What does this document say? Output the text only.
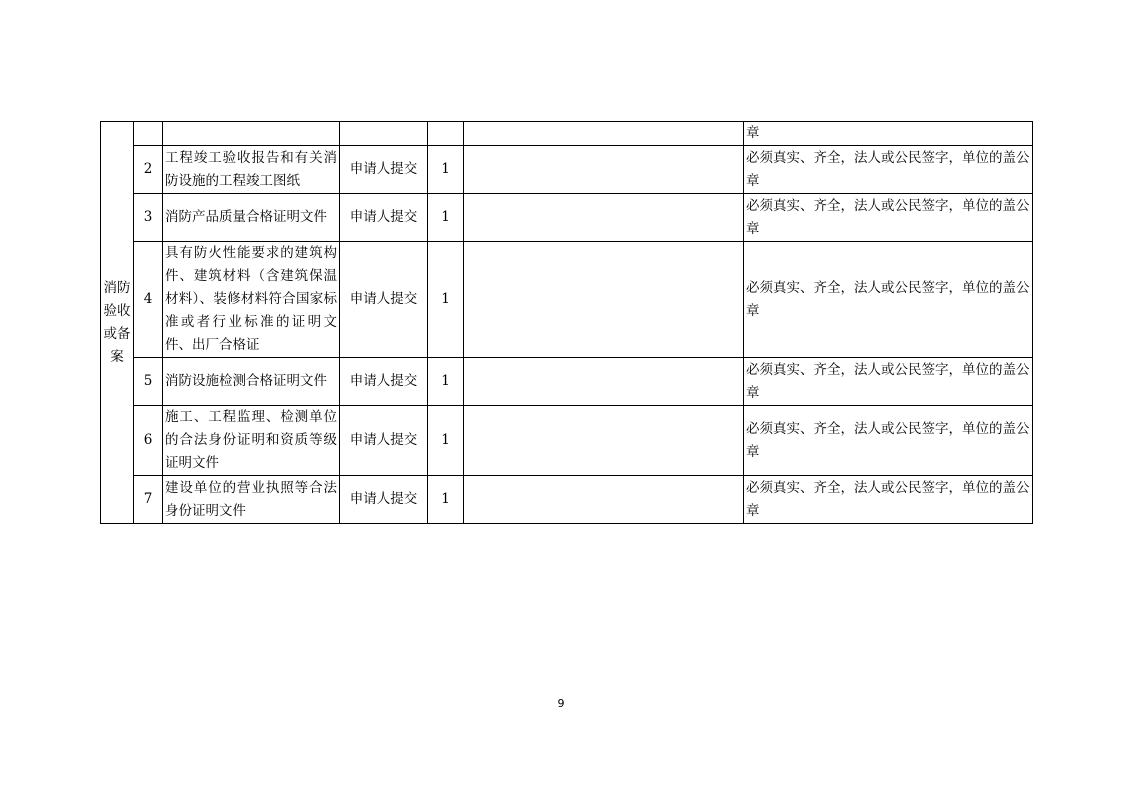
消防验收或备案						章
	2	工程竣工验收报告和有关消防设施的工程竣工图纸	申请人提交	1		必须真实、齐全，法人或公民签字，单位的盖公章
	3	消防产品质量合格证明文件	申请人提交	1		必须真实、齐全，法人或公民签字，单位的盖公章
	4	具有防火性能要求的建筑构件、建筑材料（含建筑保温材料）、装修材料符合国家标准或者行业标准的证明文件、出厂合格证	申请人提交	1		必须真实、齐全，法人或公民签字，单位的盖公章
	5	消防设施检测合格证明文件	申请人提交	1		必须真实、齐全，法人或公民签字，单位的盖公章
	6	施工、工程监理、检测单位的合法身份证明和资质等级证明文件	申请人提交	1		必须真实、齐全，法人或公民签字，单位的盖公章
	7	建设单位的营业执照等合法身份证明文件	申请人提交	1		必须真实、齐全，法人或公民签字，单位的盖公章
9
